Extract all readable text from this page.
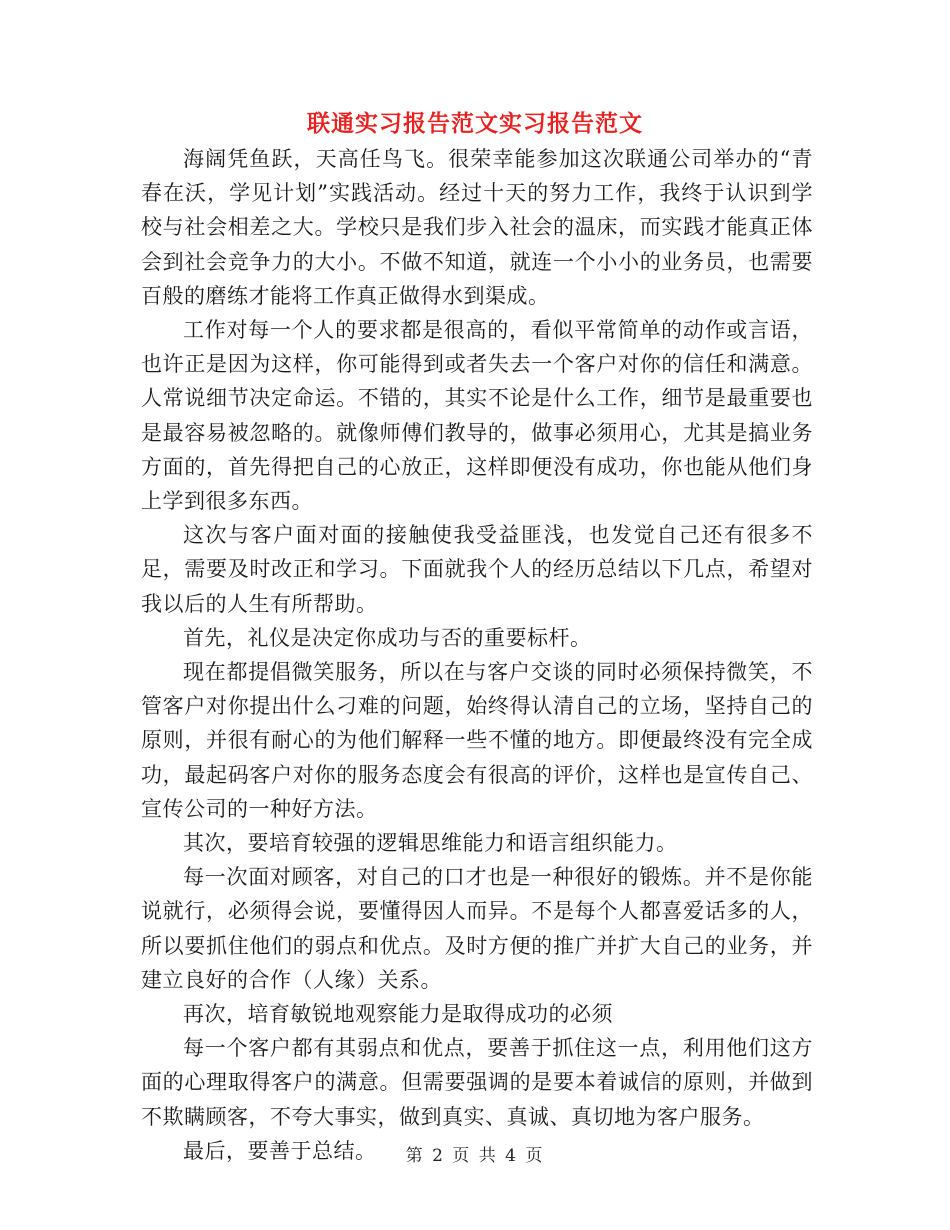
联通实习报告范文实习报告范文

海阔凭鱼跃，天高任鸟飞。很荣幸能参加这次联通公司举办的“青春在沃，学见计划”实践活动。经过十天的努力工作，我终于认识到学校与社会相差之大。学校只是我们步入社会的温床，而实践才能真正体会到社会竞争力的大小。不做不知道，就连一个小小的业务员，也需要百般的磨练才能将工作真正做得水到渠成。

工作对每一个人的要求都是很高的，看似平常简单的动作或言语，也许正是因为这样，你可能得到或者失去一个客户对你的信任和满意。人常说细节决定命运。不错的，其实不论是什么工作，细节是最重要也是最容易被忽略的。就像师傅们教导的，做事必须用心，尤其是搞业务方面的，首先得把自己的心放正，这样即便没有成功，你也能从他们身上学到很多东西。

这次与客户面对面的接触使我受益匪浅，也发觉自己还有很多不足，需要及时改正和学习。下面就我个人的经历总结以下几点，希望对我以后的人生有所帮助。

首先，礼仪是决定你成功与否的重要标杆。

现在都提倡微笑服务，所以在与客户交谈的同时必须保持微笑，不管客户对你提出什么刁难的问题，始终得认清自己的立场，坚持自己的原则，并很有耐心的为他们解释一些不懂的地方。即便最终没有完全成功，最起码客户对你的服务态度会有很高的评价，这样也是宣传自己、宣传公司的一种好方法。

其次，要培育较强的逻辑思维能力和语言组织能力。

每一次面对顾客，对自己的口才也是一种很好的锻炼。并不是你能说就行，必须得会说，要懂得因人而异。不是每个人都喜爱话多的人，所以要抓住他们的弱点和优点。及时方便的推广并扩大自己的业务，并建立良好的合作（人缘）关系。

再次，培育敏锐地观察能力是取得成功的必须

每一个客户都有其弱点和优点，要善于抓住这一点，利用他们这方面的心理取得客户的满意。但需要强调的是要本着诚信的原则，并做到不欺瞒顾客，不夸大事实，做到真实、真诚、真切地为客户服务。

最后，要善于总结。	第 2 页 共 4 页
